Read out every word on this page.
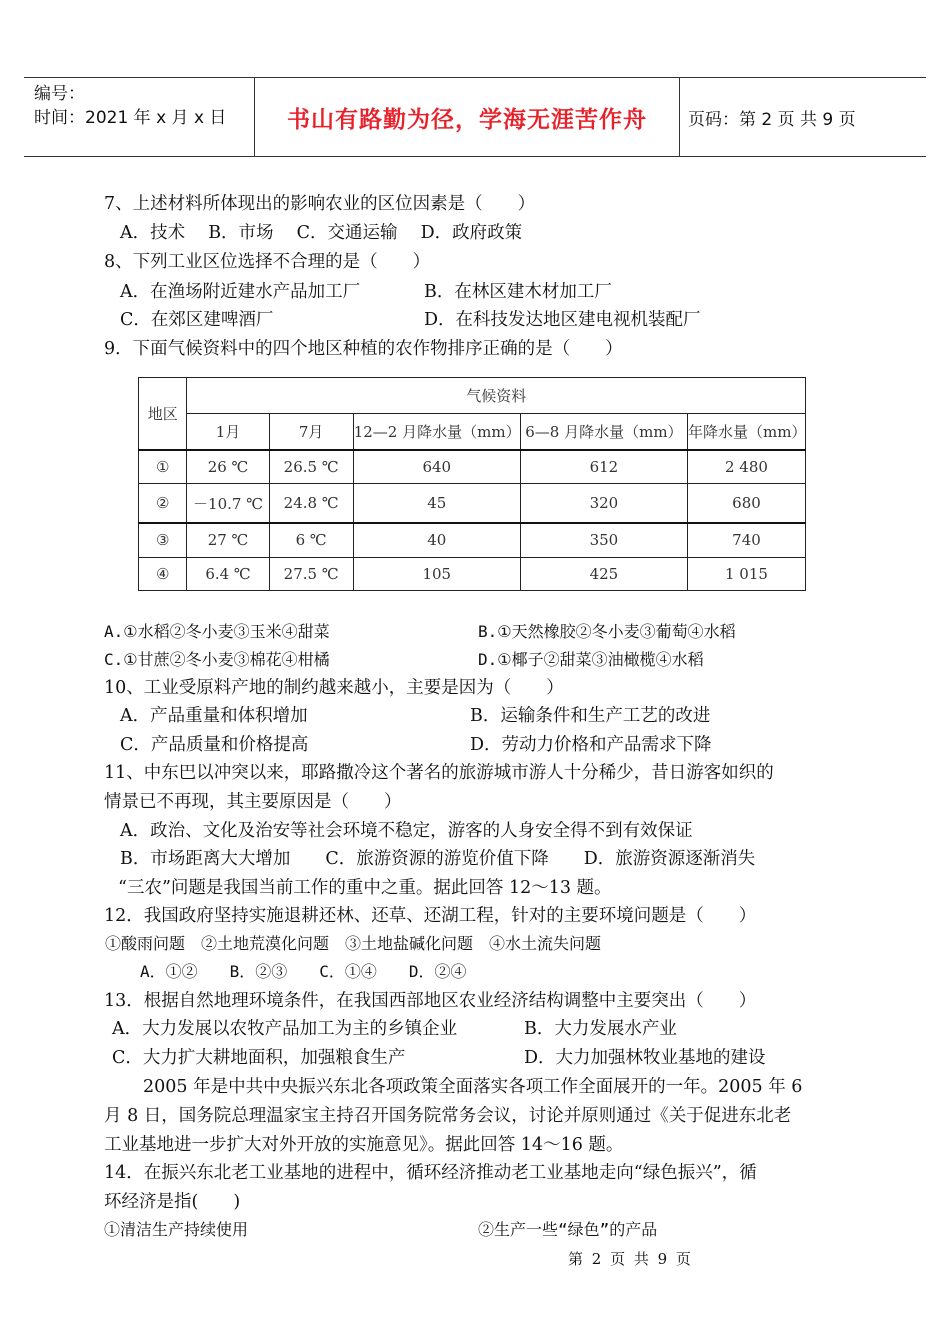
编号：
时间：2021 年 x 月 x 日	书山有路勤为径，学海无涯苦作舟	页码：第 2 页 共 9 页
7、上述材料所体现出的影响农业的区位因素是（　　）
A．技术　 B．市场　 C．交通运输　 D．政府政策
8、下列工业区位选择不合理的是（　　）
A．在渔场附近建水产品加工厂	B．在林区建木材加工厂
C．在郊区建啤酒厂	D．在科技发达地区建电视机装配厂
9．下面气候资料中的四个地区种植的农作物排序正确的是（　　）
地区	气候资料				
	1月	7月	12—2 月降水量（mm）	6—8 月降水量（mm）	年降水量（mm）
①	26 ℃	26.5 ℃	640	612	2 480
②	－10.7 ℃	24.8 ℃	45	320	680
③	27 ℃	6 ℃	40	350	740
④	6.4 ℃	27.5 ℃	105	425	1 015
A.①水稻②冬小麦③玉米④甜菜	B.①天然橡胶②冬小麦③葡萄④水稻
C.①甘蔗②冬小麦③棉花④柑橘	D.①椰子②甜菜③油橄榄④水稻
10、工业受原料产地的制约越来越小，主要是因为（　　）
A．产品重量和体积增加	B．运输条件和生产工艺的改进
C．产品质量和价格提高	D．劳动力价格和产品需求下降
11、中东巴以冲突以来，耶路撒冷这个著名的旅游城市游人十分稀少，昔日游客如织的
情景已不再现，其主要原因是（　　）
A．政治、文化及治安等社会环境不稳定，游客的人身安全得不到有效保证
B．市场距离大大增加　　C．旅游资源的游览价值下降　　D．旅游资源逐渐消失
“三农”问题是我国当前工作的重中之重。据此回答 12～13 题。
12．我国政府坚持实施退耕还林、还草、还湖工程，针对的主要环境问题是（　　）
①酸雨问题　②土地荒漠化问题　③土地盐碱化问题　④水土流失问题
A．①②　　B．②③　　C．①④　　D．②④
13．根据自然地理环境条件，在我国西部地区农业经济结构调整中主要突出（　　）
A．大力发展以农牧产品加工为主的乡镇企业	B．大力发展水产业
C．大力扩大耕地面积，加强粮食生产	D．大力加强林牧业基地的建设
2005 年是中共中央振兴东北各项政策全面落实各项工作全面展开的一年。2005 年 6
月 8 日，国务院总理温家宝主持召开国务院常务会议，讨论并原则通过《关于促进东北老
工业基地进一步扩大对外开放的实施意见》。据此回答 14～16 题。
14．在振兴东北老工业基地的进程中，循环经济推动老工业基地走向“绿色振兴”，循
环经济是指(　　)
①清洁生产持续使用	②生产一些“绿色”的产品
第 2 页 共 9 页
